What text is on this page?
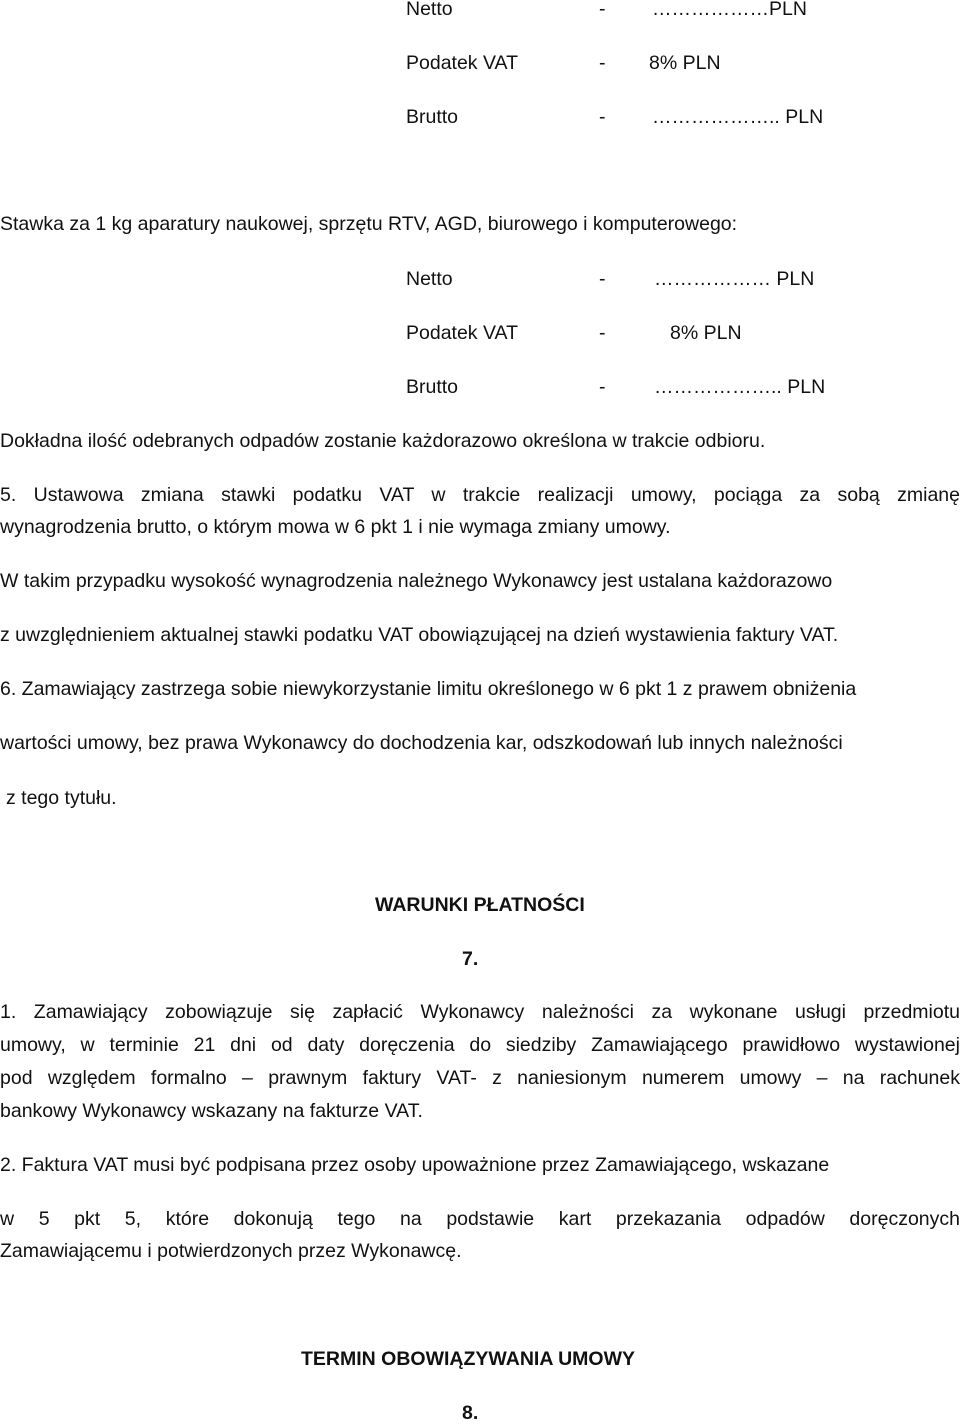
Netto	- ………………PLN
Podatek VAT	- 8% PLN
Brutto	- ……………….. PLN
Stawka za 1 kg aparatury naukowej, sprzętu RTV, AGD, biurowego i komputerowego:
Netto	- ……………… PLN
Podatek VAT	-	8% PLN
Brutto	- ……………….. PLN
Dokładna ilość odebranych odpadów zostanie każdorazowo określona w trakcie odbioru.
5. Ustawowa zmiana stawki podatku VAT w trakcie realizacji umowy, pociąga za sobą zmianę
wynagrodzenia brutto, o którym mowa w 6 pkt 1 i nie wymaga zmiany umowy.
W takim przypadku wysokość wynagrodzenia należnego Wykonawcy jest ustalana każdorazowo
z uwzględnieniem aktualnej stawki podatku VAT obowiązującej na dzień wystawienia faktury VAT.
6. Zamawiający zastrzega sobie niewykorzystanie limitu określonego w 6 pkt 1 z prawem obniżenia
wartości umowy, bez prawa Wykonawcy do dochodzenia kar, odszkodowań lub innych należności
z tego tytułu.
WARUNKI PŁATNOŚCI
7.
1. Zamawiający zobowiązuje się zapłacić Wykonawcy należności za wykonane usługi przedmiotu
umowy, w terminie 21 dni od daty doręczenia do siedziby Zamawiającego prawidłowo wystawionej
pod względem formalno – prawnym faktury VAT- z naniesionym numerem umowy – na rachunek
bankowy Wykonawcy wskazany na fakturze VAT.
2. Faktura VAT musi być podpisana przez osoby upoważnione przez Zamawiającego, wskazane
w 5 pkt 5, które dokonują tego na podstawie kart przekazania odpadów doręczonych
Zamawiającemu i potwierdzonych przez Wykonawcę.
TERMIN OBOWIĄZYWANIA UMOWY
8.
